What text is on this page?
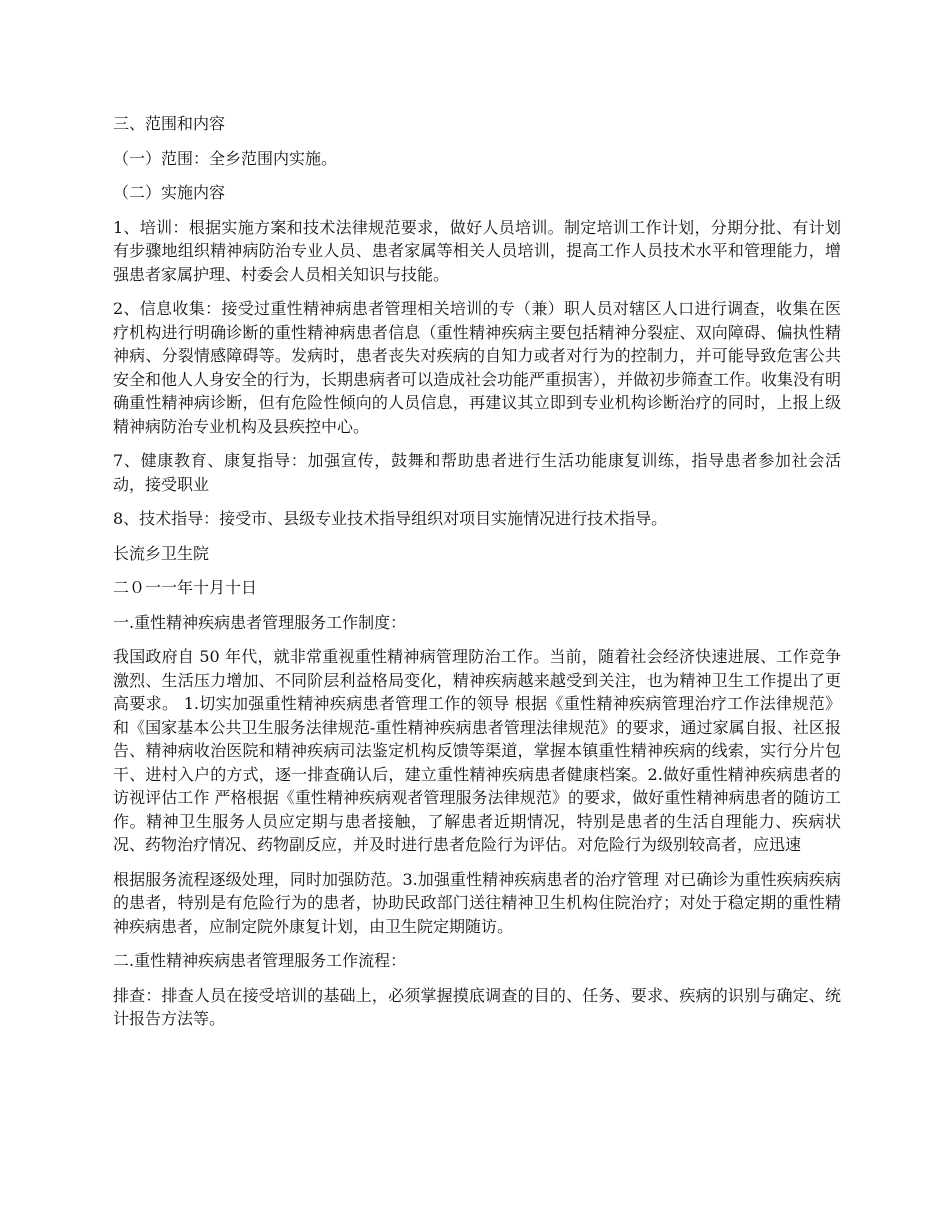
三、范围和内容

（一）范围：全乡范围内实施。

（二）实施内容

1、培训：根据实施方案和技术法律规范要求，做好人员培训。制定培训工作计划，分期分批、有计划有步骤地组织精神病防治专业人员、患者家属等相关人员培训，提高工作人员技术水平和管理能力，增强患者家属护理、村委会人员相关知识与技能。

2、信息收集：接受过重性精神病患者管理相关培训的专（兼）职人员对辖区人口进行调查，收集在医疗机构进行明确诊断的重性精神病患者信息（重性精神疾病主要包括精神分裂症、双向障碍、偏执性精神病、分裂情感障碍等。发病时，患者丧失对疾病的自知力或者对行为的控制力，并可能导致危害公共安全和他人人身安全的行为，长期患病者可以造成社会功能严重损害），并做初步筛查工作。收集没有明确重性精神病诊断，但有危险性倾向的人员信息，再建议其立即到专业机构诊断治疗的同时，上报上级精神病防治专业机构及县疾控中心。

7、健康教育、康复指导：加强宣传，鼓舞和帮助患者进行生活功能康复训练，指导患者参加社会活动，接受职业

8、技术指导：接受市、县级专业技术指导组织对项目实施情况进行技术指导。

长流乡卫生院

二０一一年十月十日

一.重性精神疾病患者管理服务工作制度：

我国政府自 50 年代，就非常重视重性精神病管理防治工作。当前，随着社会经济快速进展、工作竞争激烈、生活压力增加、不同阶层利益格局变化，精神疾病越来越受到关注，也为精神卫生工作提出了更高要求。 1.切实加强重性精神疾病患者管理工作的领导 根据《重性精神疾病管理治疗工作法律规范》和《国家基本公共卫生服务法律规范-重性精神疾病患者管理法律规范》的要求，通过家属自报、社区报告、精神病收治医院和精神疾病司法鉴定机构反馈等渠道，掌握本镇重性精神疾病的线索，实行分片包干、进村入户的方式，逐一排查确认后，建立重性精神疾病患者健康档案。2.做好重性精神疾病患者的访视评估工作 严格根据《重性精神疾病观者管理服务法律规范》的要求，做好重性精神病患者的随访工作。精神卫生服务人员应定期与患者接触，了解患者近期情况，特别是患者的生活自理能力、疾病状况、药物治疗情况、药物副反应，并及时进行患者危险行为评估。对危险行为级别较高者，应迅速

根据服务流程逐级处理，同时加强防范。3.加强重性精神疾病患者的治疗管理 对已确诊为重性疾病疾病的患者，特别是有危险行为的患者，协助民政部门送往精神卫生机构住院治疗；对处于稳定期的重性精神疾病患者，应制定院外康复计划，由卫生院定期随访。

二.重性精神疾病患者管理服务工作流程：

排查：排查人员在接受培训的基础上，必须掌握摸底调查的目的、任务、要求、疾病的识别与确定、统计报告方法等。
